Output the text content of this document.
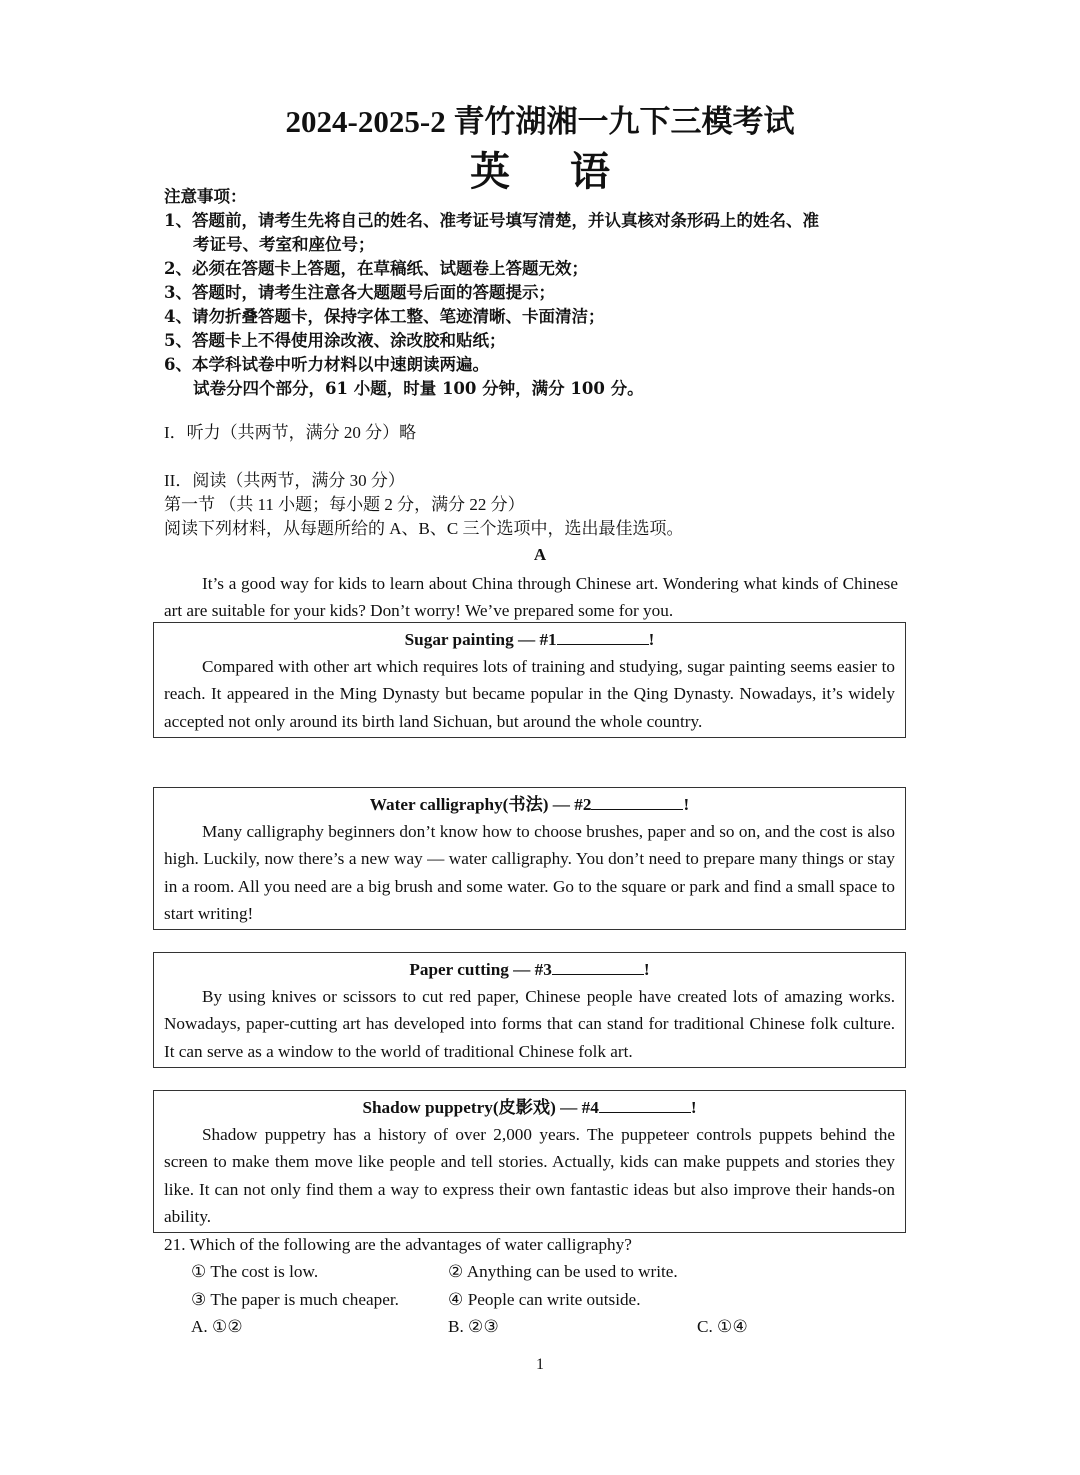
2024-2025-2 青竹湖湘一九下三模考试
英语
注意事项：
1、答题前，请考生先将自己的姓名、准考证号填写清楚，并认真核对条形码上的姓名、准
考证号、考室和座位号；
2、必须在答题卡上答题，在草稿纸、试题卷上答题无效；
3、答题时，请考生注意各大题题号后面的答题提示；
4、请勿折叠答题卡，保持字体工整、笔迹清晰、卡面清洁；
5、答题卡上不得使用涂改液、涂改胶和贴纸；
6、本学科试卷中听力材料以中速朗读两遍。
试卷分四个部分，61 小题，时量 100 分钟，满分 100 分。
I．听力（共两节，满分 20 分）略
II．阅读（共两节，满分 30 分）
第一节 （共 11 小题；每小题 2 分，满分 22 分）
阅读下列材料，从每题所给的 A、B、C 三个选项中，选出最佳选项。
A
It’s a good way for kids to learn about China through Chinese art. Wondering what kinds of Chinese art are suitable for your kids? Don’t worry! We’ve prepared some for you.
Sugar painting — #1	!
Compared with other art which requires lots of training and studying, sugar painting seems easier to reach. It appeared in the Ming Dynasty but became popular in the Qing Dynasty. Nowadays, it’s widely accepted not only around its birth land Sichuan, but around the whole country.
Water calligraphy(书法) — #2	!
Many calligraphy beginners don’t know how to choose brushes, paper and so on, and the cost is also high. Luckily, now there’s a new way — water calligraphy. You don’t need to prepare many things or stay in a room. All you need are a big brush and some water. Go to the square or park and find a small space to start writing!
Paper cutting — #3	!
By using knives or scissors to cut red paper, Chinese people have created lots of amazing works. Nowadays, paper-cutting art has developed into forms that can stand for traditional Chinese folk culture. It can serve as a window to the world of traditional Chinese folk art.
Shadow puppetry(皮影戏) — #4	!
Shadow puppetry has a history of over 2,000 years. The puppeteer controls puppets behind the screen to make them move like people and tell stories. Actually, kids can make puppets and stories they like. It can not only find them a way to express their own fantastic ideas but also improve their hands-on ability.
21. Which of the following are the advantages of water calligraphy?
① The cost is low.	② Anything can be used to write.
③ The paper is much cheaper.	④ People can write outside.
A. ①②	B. ②③	C. ①④
1
